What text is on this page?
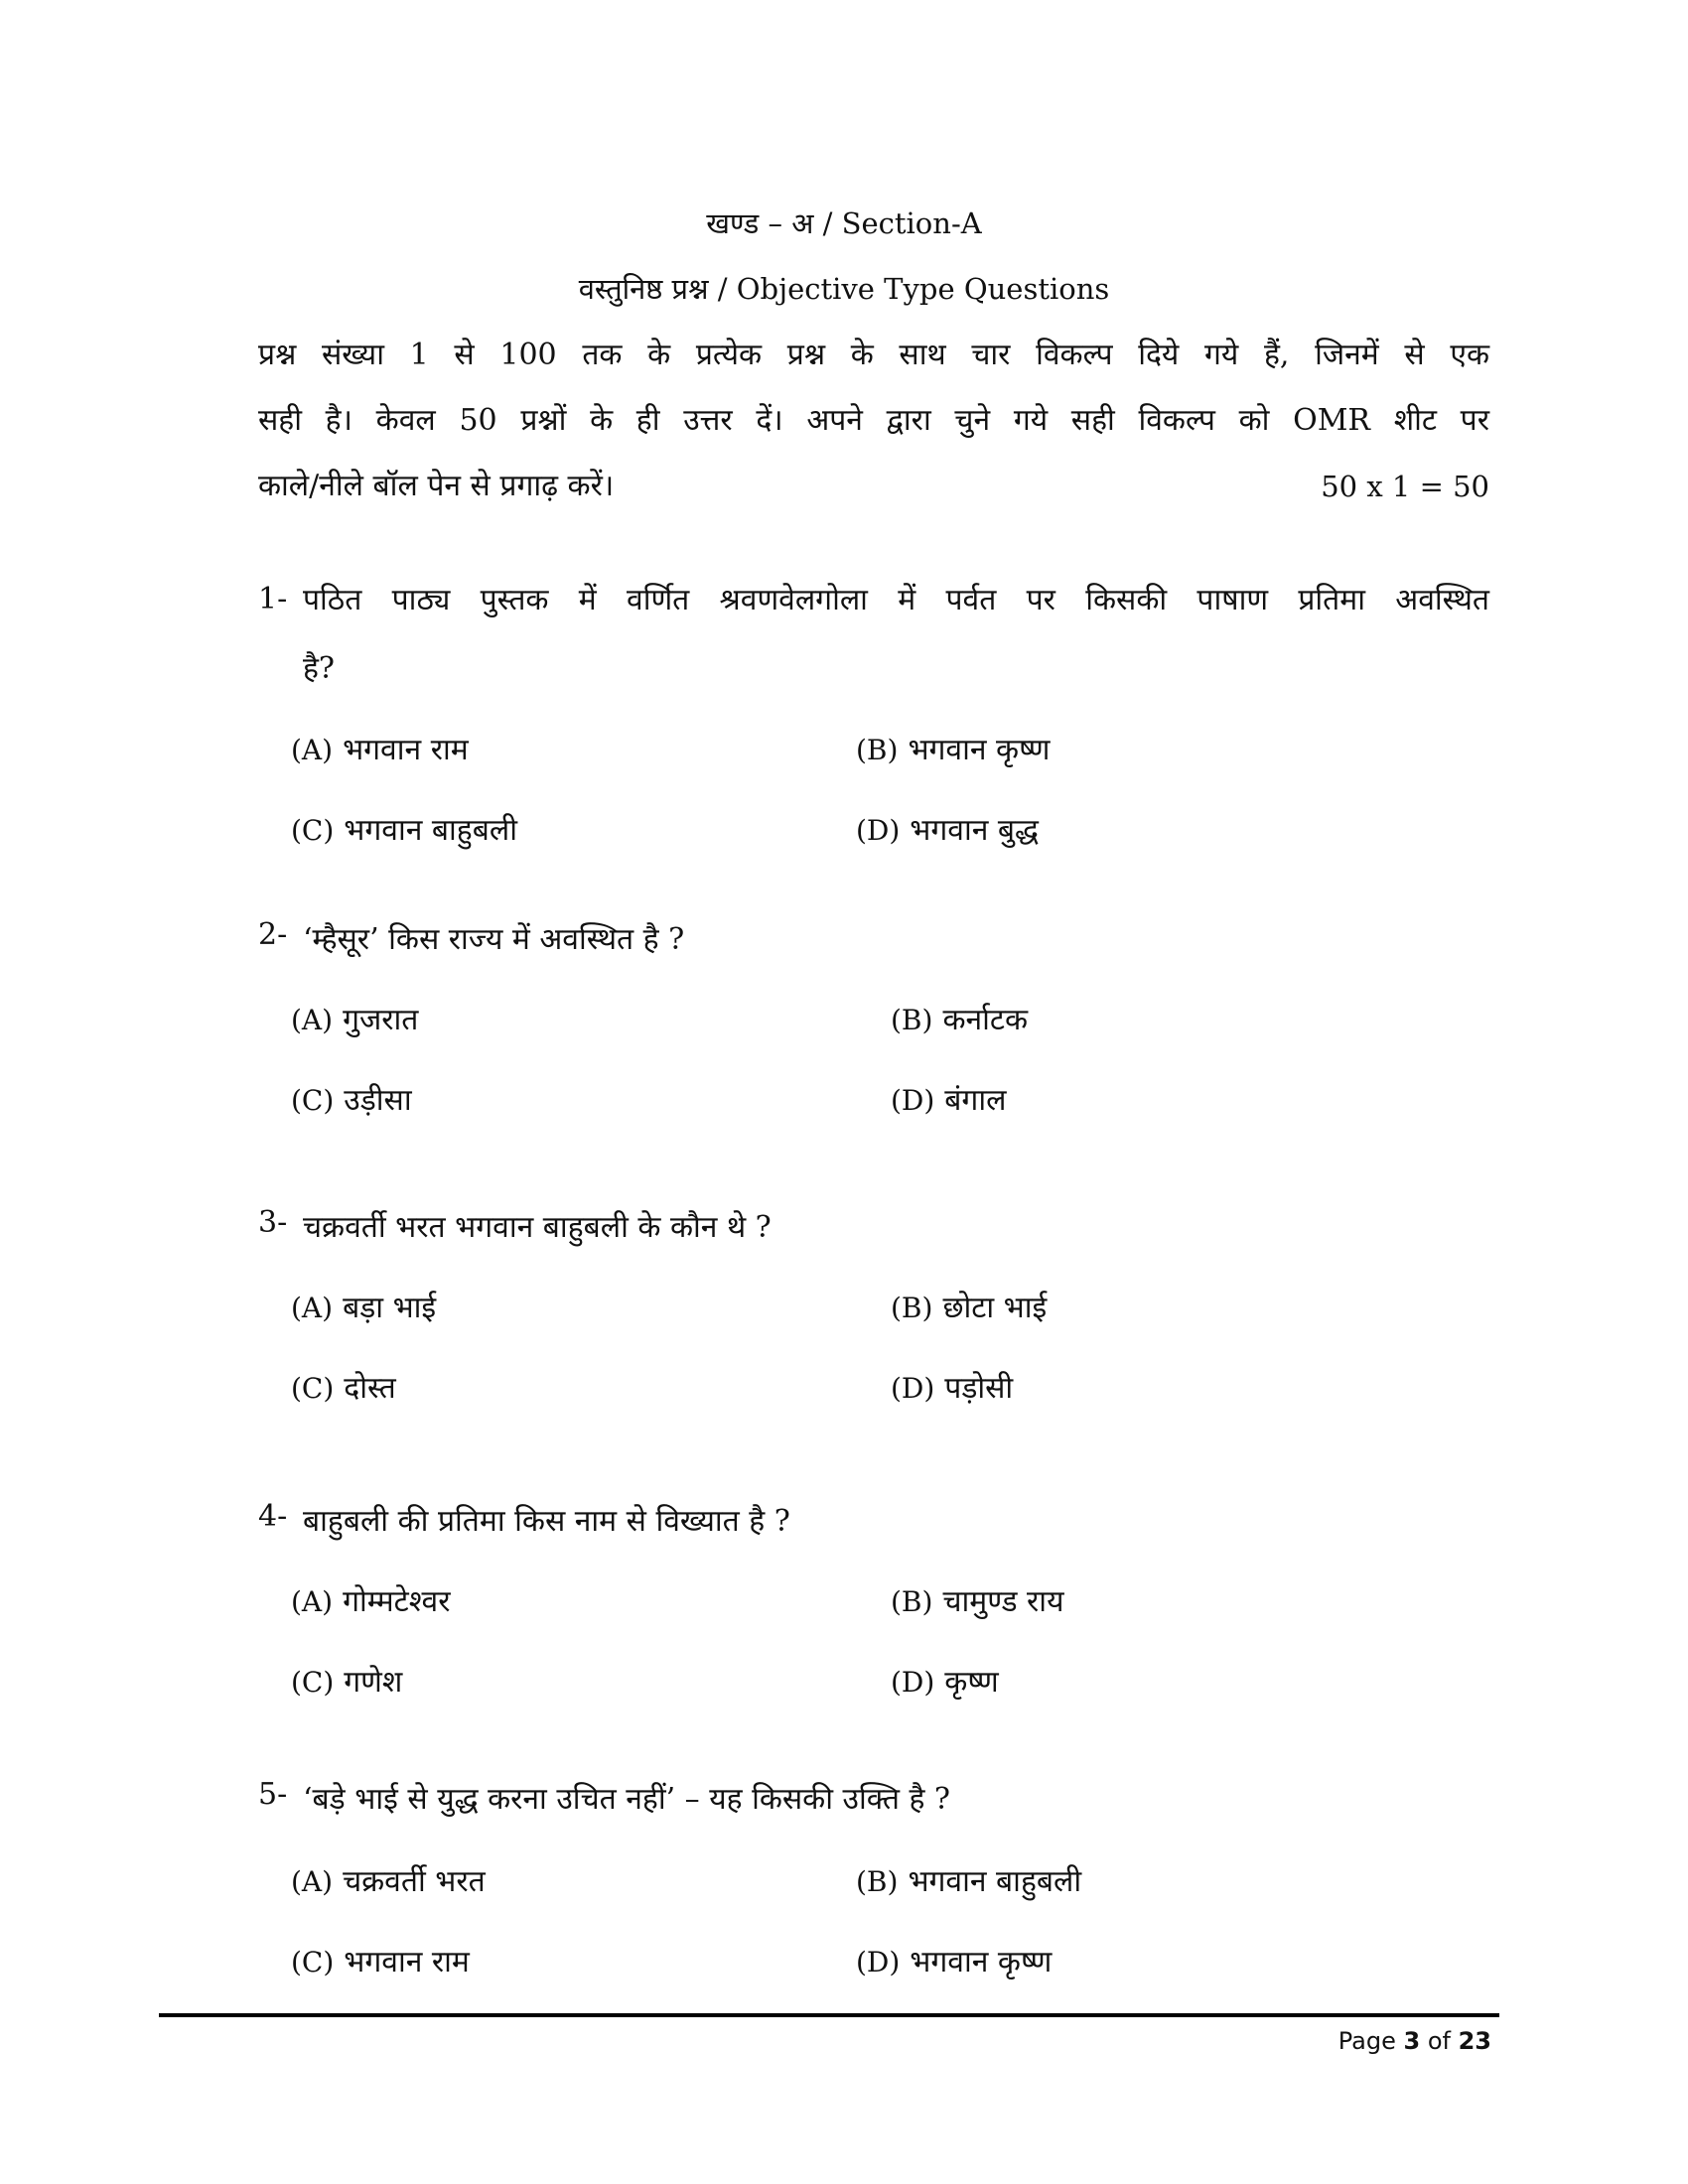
खण्ड – अ / Section-A
वस्तुनिष्ठ प्रश्न / Objective Type Questions
प्रश्न संख्या 1 से 100 तक के प्रत्येक प्रश्न के साथ चार विकल्प दिये गये हैं, जिनमें से एक
सही है। केवल 50 प्रश्नों के ही उत्तर दें। अपने द्वारा चुने गये सही विकल्प को OMR शीट पर
काले/नीले बॉल पेन से प्रगाढ़ करें।	50 x 1 = 50
1- पठित पाठ्य पुस्तक में वर्णित श्रवणवेलगोला में पर्वत पर किसकी पाषाण प्रतिमा अवस्थित
है?
(A) भगवान राम	(B) भगवान कृष्ण
(C) भगवान बाहुबली	(D) भगवान बुद्ध
2- ‘म्हैसूर’ किस राज्य में अवस्थित है ?
(A) गुजरात	(B) कर्नाटक
(C) उड़ीसा	(D) बंगाल
3- चक्रवर्ती भरत भगवान बाहुबली के कौन थे ?
(A) बड़ा भाई	(B) छोटा भाई
(C) दोस्त	(D) पड़ोसी
4- बाहुबली की प्रतिमा किस नाम से विख्यात है ?
(A) गोम्मटेश्वर	(B) चामुण्ड राय
(C) गणेश	(D) कृष्ण
5- ‘बड़े भाई से युद्ध करना उचित नहीं’ – यह किसकी उक्ति है ?
(A) चक्रवर्ती भरत	(B) भगवान बाहुबली
(C) भगवान राम	(D) भगवान कृष्ण
Page 3 of 23
